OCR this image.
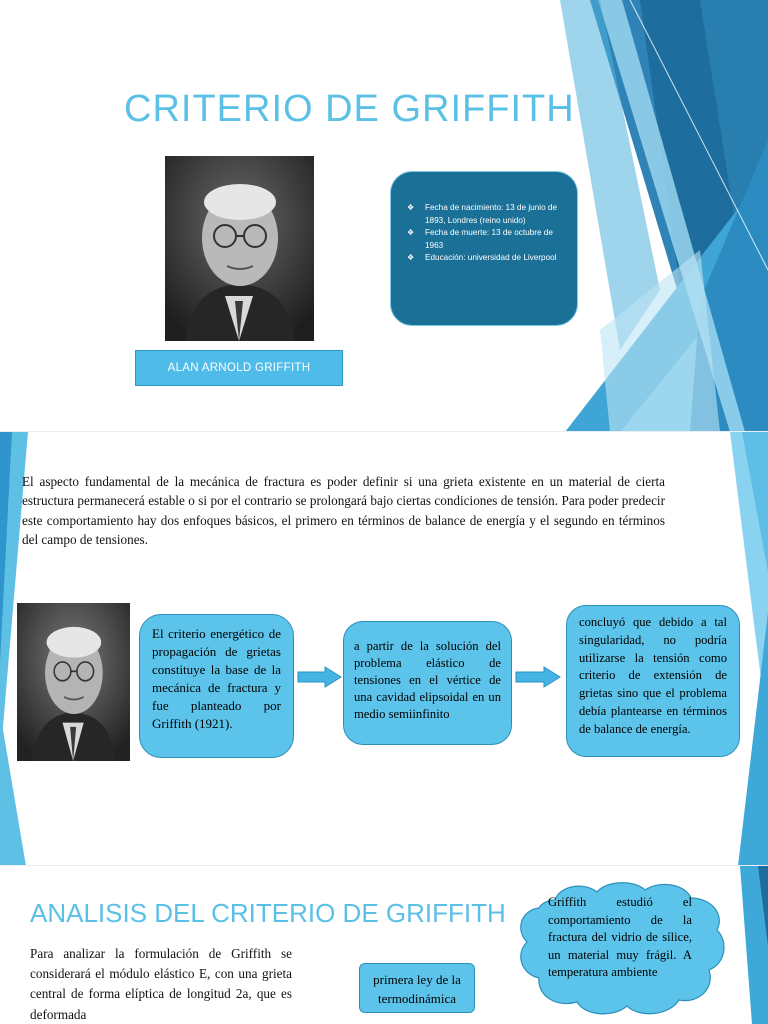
CRITERIO DE GRIFFITH
❖ Fecha de nacimiento: 13 de junio de 1893, Londres (reino unido)
❖ Fecha de muerte: 13 de octubre de 1963
❖ Educación: universidad de Liverpool
ALAN ARNOLD GRIFFITH
El aspecto fundamental de la mecánica de fractura es poder definir si una grieta existente en un material de cierta estructura permanecerá estable o si por el contrario se prolongará bajo ciertas condiciones de tensión. Para poder predecir este comportamiento hay dos enfoques básicos, el primero en términos de balance de energía y el segundo en términos del campo de tensiones.
El criterio energético de propagación de grietas constituye la base de la mecánica de fractura y fue planteado por Griffith (1921).
a partir de la solución del problema elástico de tensiones en el vértice de una cavidad elipsoidal en un medio semiinfinito
concluyó que debido a tal singularidad, no podría utilizarse la tensión como criterio de extensión de grietas sino que el problema debía plantearse en términos de balance de energía.
ANALISIS DEL CRITERIO DE GRIFFITH
Para analizar la formulación de Griffith se considerará el módulo elástico E, con una grieta central de forma elíptica de longitud 2a, que es deformada
primera ley de la termodinámica
Griffith estudió el comportamiento de la fractura del vidrio de sílice, un material muy frágil. A temperatura ambiente
